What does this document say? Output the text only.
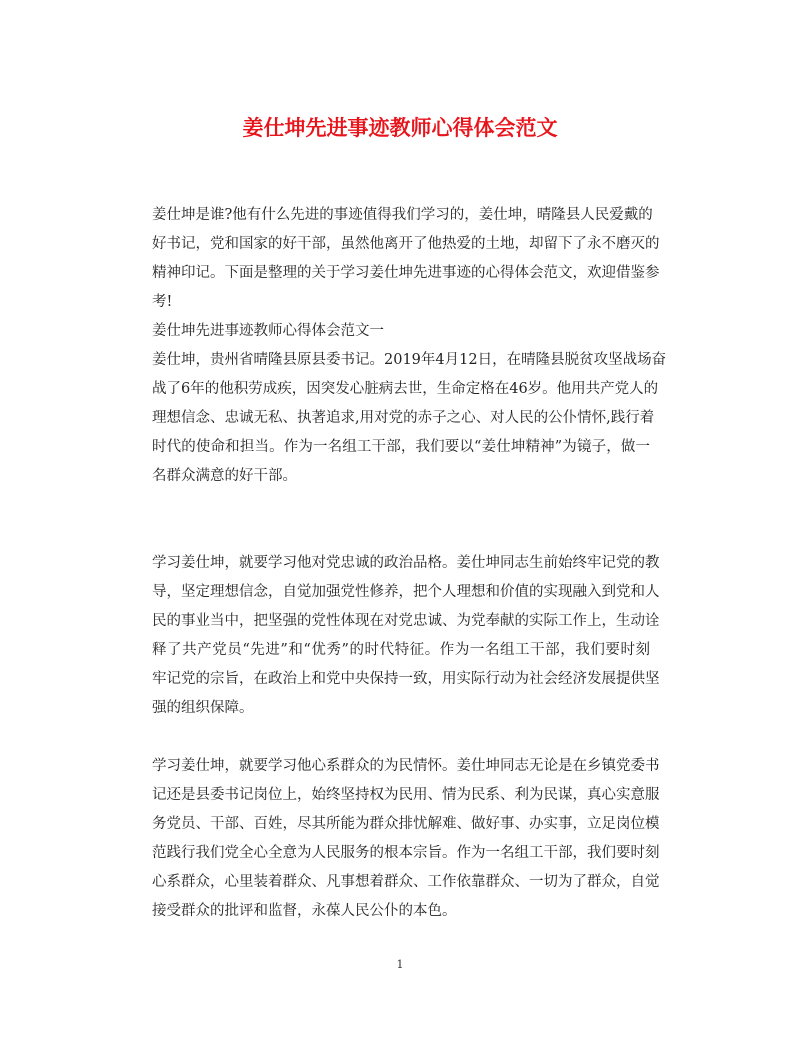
姜仕坤先进事迹教师心得体会范文
姜仕坤是谁?他有什么先进的事迹值得我们学习的，姜仕坤，晴隆县人民爱戴的
好书记，党和国家的好干部，虽然他离开了他热爱的土地，却留下了永不磨灭的
精神印记。下面是整理的关于学习姜仕坤先进事迹的心得体会范文，欢迎借鉴参
考!
姜仕坤先进事迹教师心得体会范文一
姜仕坤，贵州省晴隆县原县委书记。2019年4月12日，在晴隆县脱贫攻坚战场奋
战了6年的他积劳成疾，因突发心脏病去世，生命定格在46岁。他用共产党人的
理想信念、忠诚无私、执著追求,用对党的赤子之心、对人民的公仆情怀,践行着
时代的使命和担当。作为一名组工干部，我们要以“姜仕坤精神”为镜子，做一
名群众满意的好干部。
学习姜仕坤，就要学习他对党忠诚的政治品格。姜仕坤同志生前始终牢记党的教
导，坚定理想信念，自觉加强党性修养，把个人理想和价值的实现融入到党和人
民的事业当中，把坚强的党性体现在对党忠诚、为党奉献的实际工作上，生动诠
释了共产党员“先进”和“优秀”的时代特征。作为一名组工干部，我们要时刻
牢记党的宗旨，在政治上和党中央保持一致，用实际行动为社会经济发展提供坚
强的组织保障。
学习姜仕坤，就要学习他心系群众的为民情怀。姜仕坤同志无论是在乡镇党委书
记还是县委书记岗位上，始终坚持权为民用、情为民系、利为民谋，真心实意服
务党员、干部、百姓，尽其所能为群众排忧解难、做好事、办实事，立足岗位模
范践行我们党全心全意为人民服务的根本宗旨。作为一名组工干部，我们要时刻
心系群众，心里装着群众、凡事想着群众、工作依靠群众、一切为了群众，自觉
接受群众的批评和监督，永葆人民公仆的本色。
1
